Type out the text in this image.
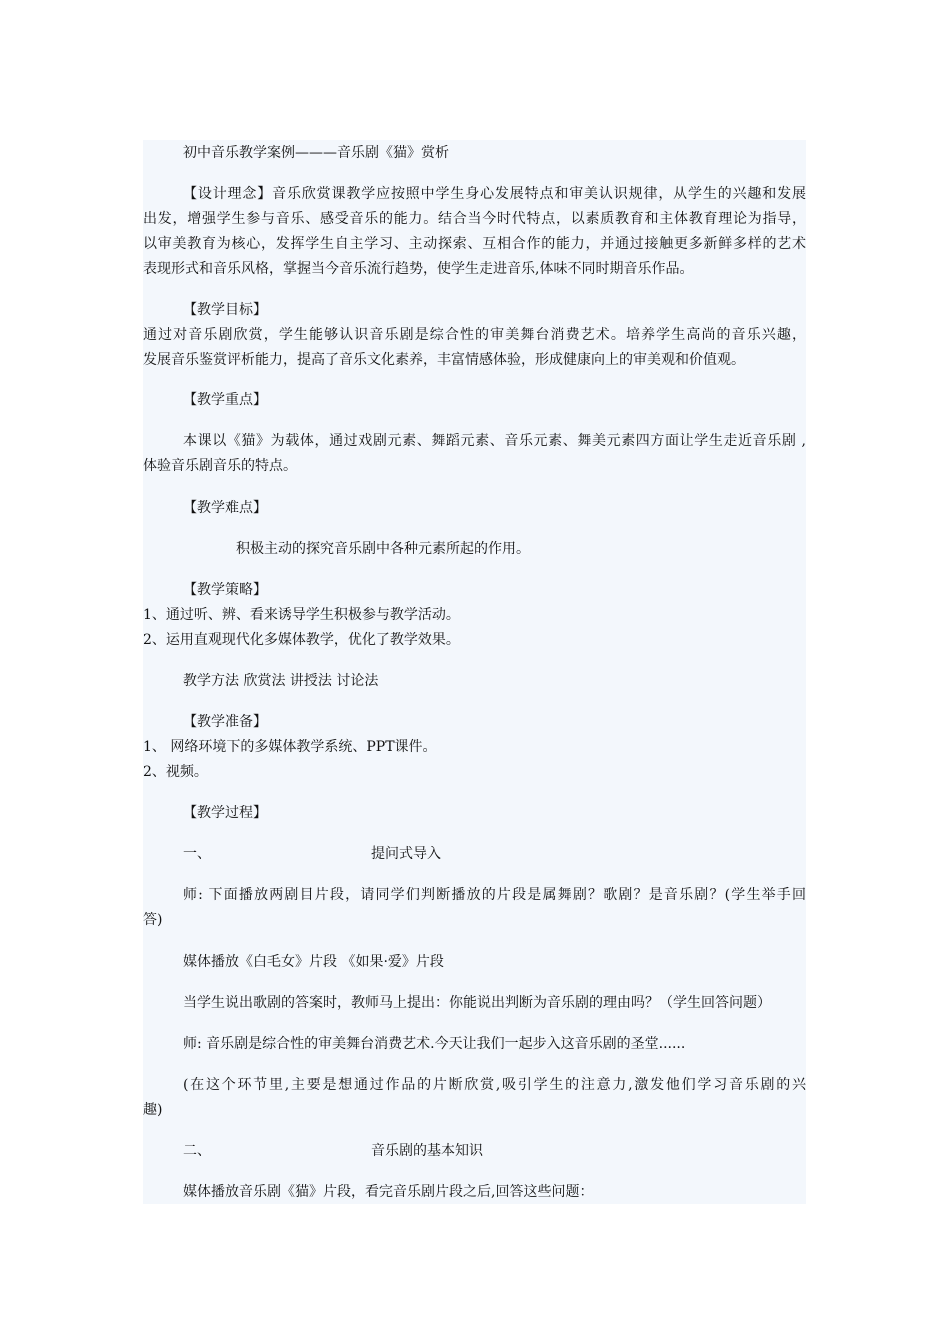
初中音乐教学案例———音乐剧《猫》赏析
【设计理念】音乐欣赏课教学应按照中学生身心发展特点和审美认识规律，从学生的兴趣和发展
出发，增强学生参与音乐、感受音乐的能力。结合当今时代特点，以素质教育和主体教育理论为指导，
以审美教育为核心，发挥学生自主学习、主动探索、互相合作的能力，并通过接触更多新鲜多样的艺术
表现形式和音乐风格，掌握当今音乐流行趋势，使学生走进音乐,体味不同时期音乐作品。
【教学目标】
通过对音乐剧欣赏，学生能够认识音乐剧是综合性的审美舞台消费艺术。培养学生高尚的音乐兴趣，
发展音乐鉴赏评析能力，提高了音乐文化素养，丰富情感体验，形成健康向上的审美观和价值观。
【教学重点】
本课以《猫》为载体，通过戏剧元素、舞蹈元素、音乐元素、舞美元素四方面让学生走近音乐剧 ,
体验音乐剧音乐的特点。
【教学难点】
积极主动的探究音乐剧中各种元素所起的作用。
【教学策略】
1、通过听、辨、看来诱导学生积极参与教学活动。
2、运用直观现代化多媒体教学，优化了教学效果。
教学方法 欣赏法 讲授法 讨论法
【教学准备】
1、 网络环境下的多媒体教学系统、PPT课件。
2、视频。
【教学过程】
一、	提问式导入
师: 下面播放两剧目片段，请同学们判断播放的片段是属舞剧？歌剧？是音乐剧？(学生举手回
答)
媒体播放《白毛女》片段 《如果·爱》片段
当学生说出歌剧的答案时，教师马上提出：你能说出判断为音乐剧的理由吗？（学生回答问题）
师: 音乐剧是综合性的审美舞台消费艺术.今天让我们一起步入这音乐剧的圣堂......
(在这个环节里,主要是想通过作品的片断欣赏,吸引学生的注意力,激发他们学习音乐剧的兴
趣)
二、	音乐剧的基本知识
媒体播放音乐剧《猫》片段，看完音乐剧片段之后,回答这些问题：
